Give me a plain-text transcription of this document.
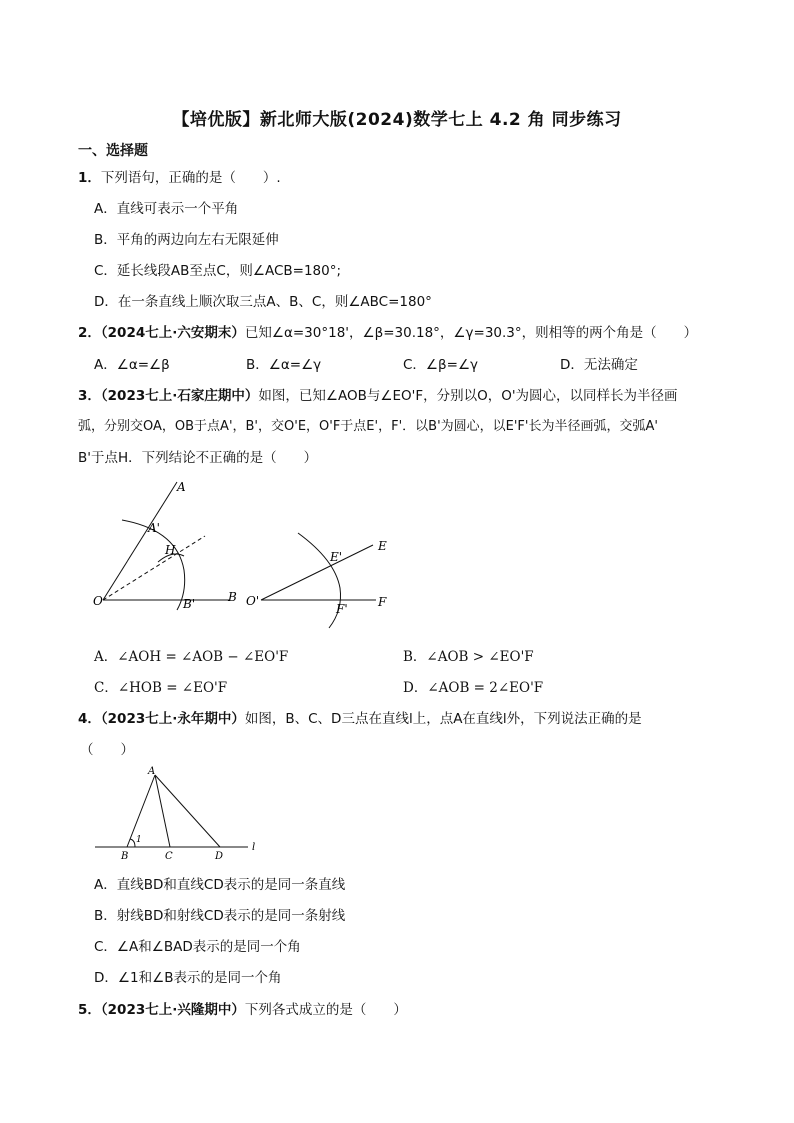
【培优版】新北师大版(2024)数学七上 4.2 角 同步练习
一、选择题
1．下列语句，正确的是（　　）.
A．直线可表示一个平角
B．平角的两边向左右无限延伸
C．延长线段AB至点C，则∠ACB=180°;
D．在一条直线上顺次取三点A、B、C，则∠ABC=180°
2．（2024七上·六安期末）已知∠α=30°18'，∠β=30.18°，∠γ=30.3°，则相等的两个角是（　　）
A．∠α=∠β	B．∠α=∠γ	C．∠β=∠γ	D．无法确定
3．（2023七上·石家庄期中）如图，已知∠AOB与∠EO'F，分别以O，O'为圆心，以同样长为半径画
弧，分别交OA，OB于点A'，B'，交O'E，O'F于点E'，F'．以B'为圆心，以E'F'长为半径画弧，交弧A'
B'于点H．下列结论不正确的是（　　）
A
A'
H
O	B'	B
E
E'
O'
F'	F
A．∠AOH = ∠AOB − ∠EO'F	B．∠AOB > ∠EO'F
C．∠HOB = ∠EO'F	D．∠AOB = 2∠EO'F
4．（2023七上·永年期中）如图，B、C、D三点在直线l上，点A在直线l外，下列说法正确的是
（　　）
A
1
B	C	D
l
A．直线BD和直线CD表示的是同一条直线
B．射线BD和射线CD表示的是同一条射线
C．∠A和∠BAD表示的是同一个角
D．∠1和∠B表示的是同一个角
5．（2023七上·兴隆期中）下列各式成立的是（　　）
